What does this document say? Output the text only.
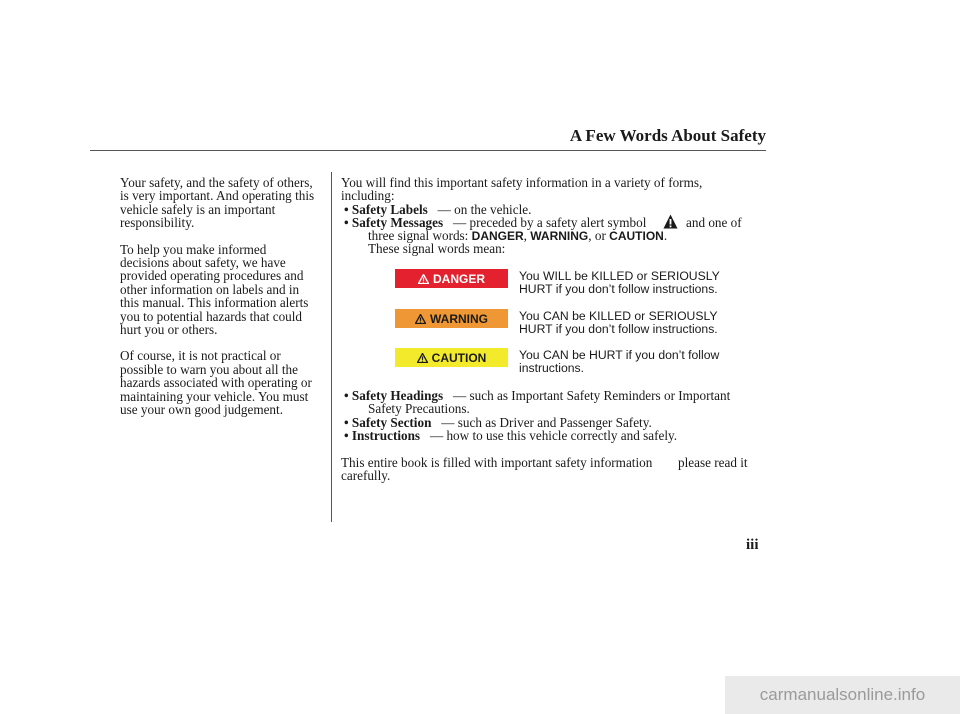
A Few Words About Safety

Your safety, and the safety of others,
is very important. And operating this
vehicle safely is an important
responsibility.

To help you make informed
decisions about safety, we have
provided operating procedures and
other information on labels and in
this manual. This information alerts
you to potential hazards that could
hurt you or others.

Of course, it is not practical or
possible to warn you about all the
hazards associated with operating or
maintaining your vehicle. You must
use your own good judgement.

You will find this important safety information in a variety of forms,
including:
• Safety Labels   — on the vehicle.
• Safety Messages   — preceded by a safety alert symbol	and one of
three signal words: DANGER, WARNING, or CAUTION.
These signal words mean:
DANGER	You WILL be KILLED or SERIOUSLY
HURT if you don’t follow instructions.
WARNING	You CAN be KILLED or SERIOUSLY
HURT if you don’t follow instructions.
CAUTION	You CAN be HURT if you don’t follow
instructions.
• Safety Headings   — such as Important Safety Reminders or Important
Safety Precautions.
• Safety Section   — such as Driver and Passenger Safety.
• Instructions   — how to use this vehicle correctly and safely.
This entire book is filled with important safety information please read it
carefully.
iii
carmanualsonline.info
